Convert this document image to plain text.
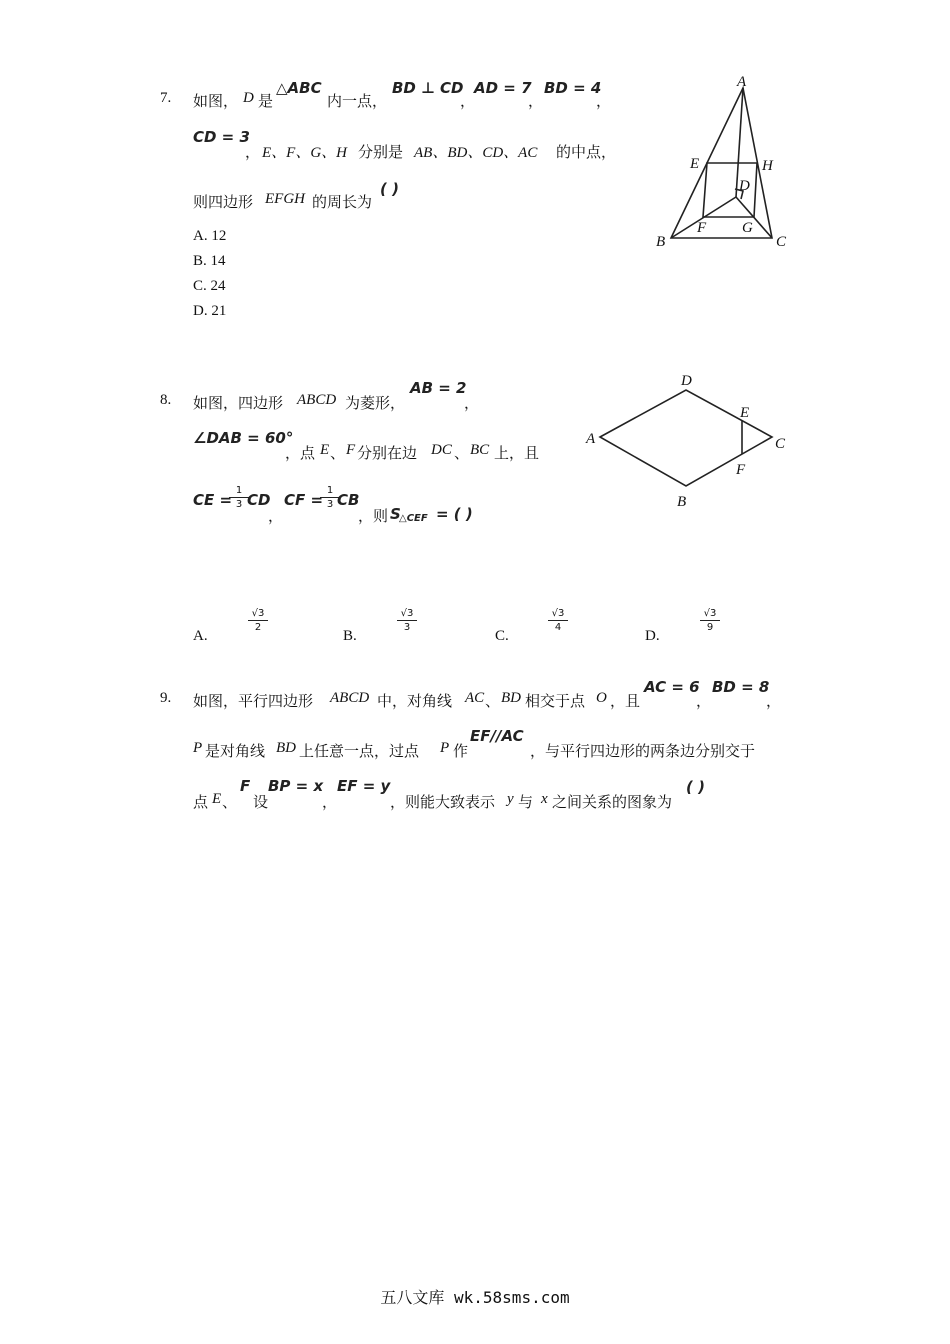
7. 如图， D 是
△ABC
内一点，
BD ⊥ CD
，
AD = 7
，
BD = 4
，
CD = 3
， E、F、G、H 分别是 AB、BD、CD、AC 的中点，
则四边形 EFGH 的周长为
( )
A. 12
B. 14
C. 24
D. 21
A
B	C
D
E
F G
H
8. 如图，四边形 ABCD 为菱形，
AB = 2
，
∠DAB = 60°
，点 E 、 F 分别在边 DC 、 BC 上，且
CE =
$\frac{1}{3}$
CD
，
CF =
$\frac{1}{3}$
CB
，则 S
△CEF = ( )
A.
$\frac{√3}{2}$
B.
$\frac{√3}{3}$
C.
$\frac{√3}{4}$
D.
$\frac{√3}{9}$
A
B
C
D
E
F
9. 如图，平行四边形 ABCD 中，对角线 AC 、 BD 相交于点 O ，且
AC = 6
，
BD = 8
，
P 是对角线 BD 上任意一点，过点 P 作
EF//AC
，与平行四边形的两条边分别交于
点 E 、
F
设
BP = x
，
EF = y
，则能大致表示 y 与 x 之间关系的图象为
( )
五八文库 wk.58sms.com
